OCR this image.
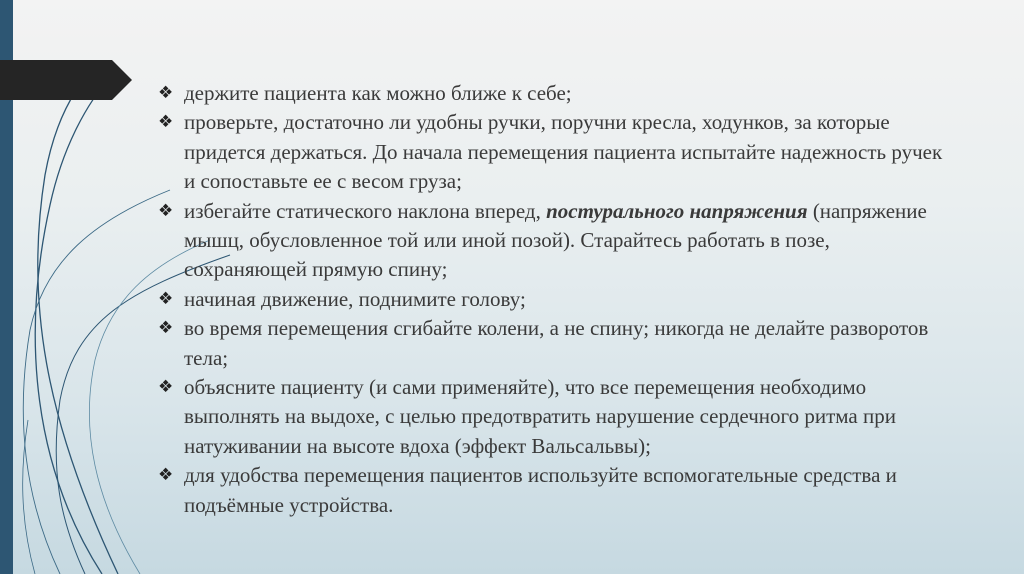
❖ держите пациента как можно ближе к себе;
❖ проверьте, достаточно ли удобны ручки, поручни кресла, ходунков, за которые придется держаться. До начала перемещения пациента испытайте надежность ручек и сопоставьте ее с весом груза;
❖ избегайте статического наклона вперед, постурального напряжения (напряжение мышц, обусловленное той или иной позой). Старайтесь работать в позе, сохраняющей прямую спину;
❖ начиная движение, поднимите голову;
❖ во время перемещения сгибайте колени, а не спину; никогда не делайте разворотов тела;
❖ объясните пациенту (и сами применяйте), что все перемещения необходимо выполнять на выдохе, с целью предотвратить нарушение сердечного ритма при натуживании на высоте вдоха (эффект Вальсальвы);
❖ для удобства перемещения пациентов используйте вспомогательные средства и подъёмные устройства.
